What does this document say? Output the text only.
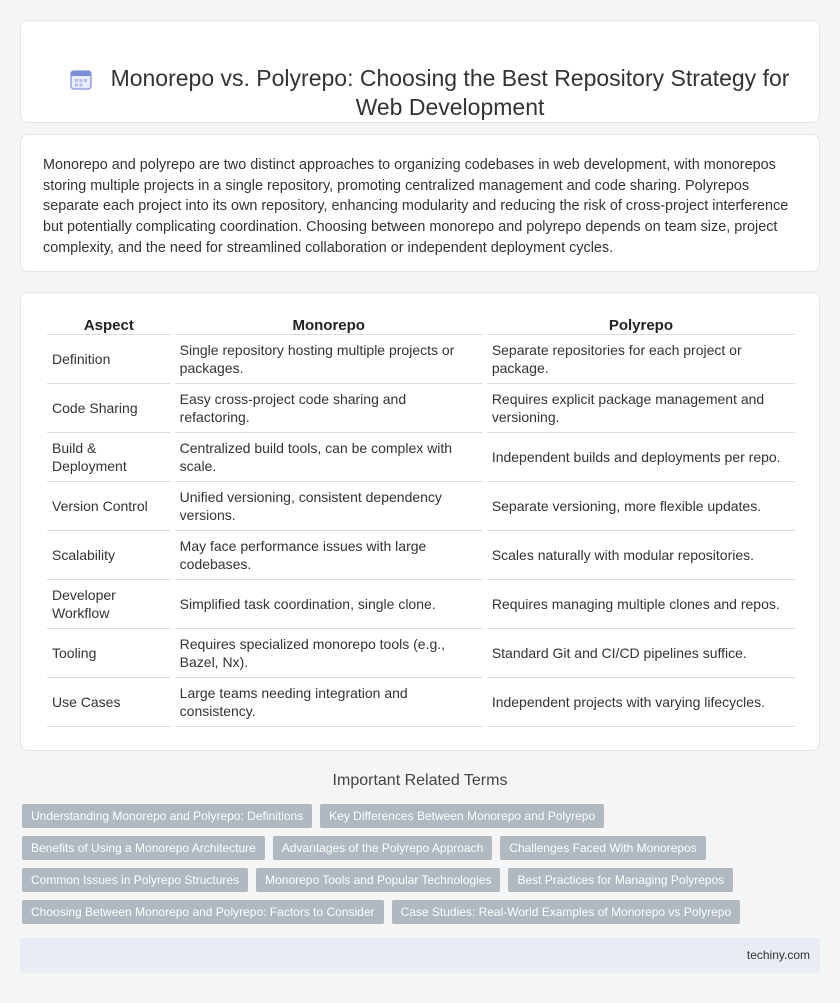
Monorepo vs. Polyrepo: Choosing the Best Repository Strategy for Web Development

Monorepo and polyrepo are two distinct approaches to organizing codebases in web development, with monorepos storing multiple projects in a single repository, promoting centralized management and code sharing. Polyrepos separate each project into its own repository, enhancing modularity and reducing the risk of cross-project interference but potentially complicating coordination. Choosing between monorepo and polyrepo depends on team size, project complexity, and the need for streamlined collaboration or independent deployment cycles.

Aspect	Monorepo	Polyrepo
Definition	Single repository hosting multiple projects or packages.	Separate repositories for each project or package.
Code Sharing	Easy cross-project code sharing and refactoring.	Requires explicit package management and versioning.
Build & Deployment	Centralized build tools, can be complex with scale.	Independent builds and deployments per repo.
Version Control	Unified versioning, consistent dependency versions.	Separate versioning, more flexible updates.
Scalability	May face performance issues with large codebases.	Scales naturally with modular repositories.
Developer Workflow	Simplified task coordination, single clone.	Requires managing multiple clones and repos.
Tooling	Requires specialized monorepo tools (e.g., Bazel, Nx).	Standard Git and CI/CD pipelines suffice.
Use Cases	Large teams needing integration and consistency.	Independent projects with varying lifecycles.
Important Related Terms
Understanding Monorepo and Polyrepo: Definitions	Key Differences Between Monorepo and Polyrepo
Benefits of Using a Monorepo Architecture	Advantages of the Polyrepo Approach	Challenges Faced With Monorepos
Common Issues in Polyrepo Structures	Monorepo Tools and Popular Technologies	Best Practices for Managing Polyrepos
Choosing Between Monorepo and Polyrepo: Factors to Consider	Case Studies: Real-World Examples of Monorepo vs Polyrepo
techiny.com
